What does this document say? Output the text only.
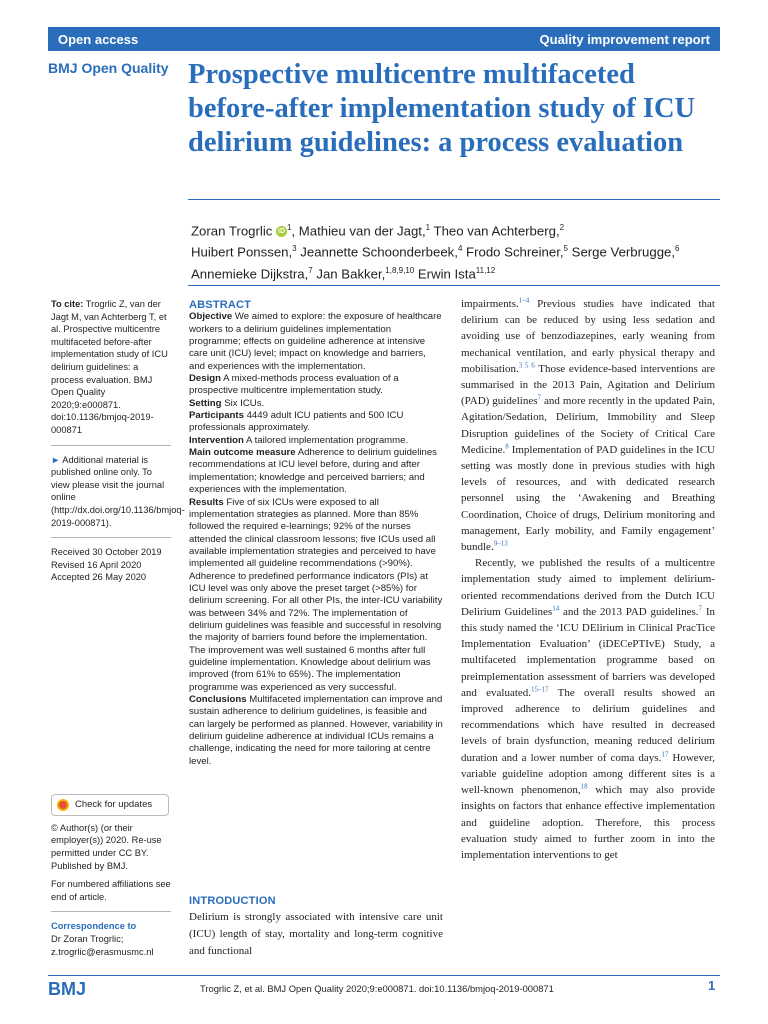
Open access	Quality improvement report
BMJ Open Quality Prospective multicentre multifaceted before-after implementation study of ICU delirium guidelines: a process evaluation
Zoran Trogrlic iD $^1$, Mathieu van der Jagt,$^1$ Theo van Achterberg,$^2$
Huibert Ponssen,$^3$ Jeannette Schoonderbeek,$^4$ Frodo Schreiner,$^5$ Serge Verbrugge,$^6$
Annemieke Dijkstra,$^7$ Jan Bakker,$^{1,8,9,10}$ Erwin Ista$^{11,12}$

To cite: Trogrlic Z, van der Jagt M, van Achterberg T, et al. Prospective multicentre multifaceted before-after implementation study of ICU delirium guidelines: a process evaluation. BMJ Open Quality 2020;9:e000871. doi:10.1136/bmjoq-2019-000871

► Additional material is published online only. To view please visit the journal online (http://dx.doi.org/10.1136/bmjoq-2019-000871).

Received 30 October 2019

Revised 16 April 2020

Accepted 26 May 2020

Check for updates

© Author(s) (or their employer(s)) 2020. Re-use permitted under CC BY. Published by BMJ.

For numbered affiliations see end of article.

Correspondence to

Dr Zoran Trogrlic;

z.trogrlic@erasmusmc.nl

ABSTRACT

Objective We aimed to explore: the exposure of healthcare workers to a delirium guidelines implementation programme; effects on guideline adherence at intensive care unit (ICU) level; impact on knowledge and barriers, and experiences with the implementation.

Design A mixed-methods process evaluation of a prospective multicentre implementation study.

Setting Six ICUs.

Participants 4449 adult ICU patients and 500 ICU professionals approximately.

Intervention A tailored implementation programme.

Main outcome measure Adherence to delirium guidelines recommendations at ICU level before, during and after implementation; knowledge and perceived barriers; and experiences with the implementation.

Results Five of six ICUs were exposed to all implementation strategies as planned. More than 85% followed the required e-learnings; 92% of the nurses attended the clinical classroom lessons; five ICUs used all available implementation strategies and perceived to have implemented all guideline recommendations (>90%). Adherence to predefined performance indicators (PIs) at ICU level was only above the preset target (>85%) for delirium screening. For all other PIs, the inter-ICU variability was between 34% and 72%. The implementation of delirium guidelines was feasible and successful in resolving the majority of barriers found before the implementation. The improvement was well sustained 6 months after full guideline implementation. Knowledge about delirium was improved (from 61% to 65%). The implementation programme was experienced as very successful.

Conclusions Multifaceted implementation can improve and sustain adherence to delirium guidelines, is feasible and can largely be performed as planned. However, variability in delirium guideline adherence at individual ICUs remains a challenge, indicating the need for more tailoring at centre level.

INTRODUCTION

Delirium is strongly associated with intensive care unit (ICU) length of stay, mortality and long-term cognitive and functional

impairments.$^{1-4}$ Previous studies have indicated that delirium can be reduced by using less sedation and avoiding use of benzodiazepines, early weaning from mechanical ventilation, and early physical therapy and mobilisation.$^{3 5 6}$ Those evidence-based interventions are summarised in the 2013 Pain, Agitation and Delirium (PAD) guidelines$^7$ and more recently in the updated Pain, Agitation/Sedation, Delirium, Immobility and Sleep Disruption guidelines of the Society of Critical Care Medicine.$^8$ Implementation of PAD guidelines in the ICU setting was mostly done in previous studies with high levels of resources, and with dedicated research personnel using the ‘Awakening and Breathing Coordination, Choice of drugs, Delirium monitoring and management, Early mobility, and Family engagement’ bundle.$^{9-13}$

Recently, we published the results of a multicentre implementation study aimed to implement delirium-oriented recommendations derived from the Dutch ICU Delirium Guidelines$^{14}$ and the 2013 PAD guidelines.$^7$ In this study named the ‘ICU DElirium in Clinical PracTice Implementation Evaluation’ (iDECePTIvE) Study, a multifaceted implementation programme based on preimplementation assessment of barriers was developed and evaluated.$^{15-17}$ The overall results showed an improved adherence to delirium guidelines and recommendations which have resulted in decreased levels of brain dysfunction, meaning reduced delirium duration and a lower number of coma days.$^{17}$ However, variable guideline adoption among different sites is a well-known phenomenon,$^{18}$ which may also provide insights on factors that enhance effective implementation and guideline adoption. Therefore, this process evaluation study aimed to further zoom in into the implementation interventions to get

BMJ	Trogrlic Z, et al. BMJ Open Quality 2020;9:e000871. doi:10.1136/bmjoq-2019-000871	1
